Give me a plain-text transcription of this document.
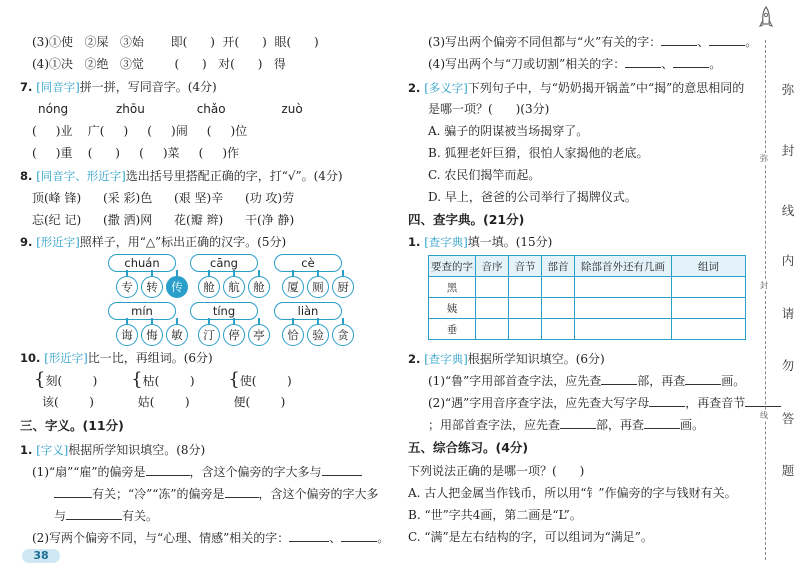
(3)①使 ②屎 ③始 即( ) 开( ) 眼( )
(4)①决 ②绝 ③觉	( ) 对( ) 得
7. [同音字]拼一拼，写同音字。(4分)
nóng	zhōu	chǎo	zuò
( )业 广( ) ( )闹 ( )位
( )重 ( ) ( )菜 ( )作
8. [同音字、形近字]选出括号里搭配正确的字，打“√”。(4分)
顶(峰 锋) (采 彩)色 (艰 坚)辛 (功 攻)劳
忘(纪 记) (撒 洒)网 花(瓣 辫) 干(净 静)
9. [形近字]照样子，用“△”标出正确的汉字。(5分)
chuán
专	转	传
cāng
舱	航	舱
cè
厦	厕	厨
mín
诲	悔	敏
tíng
汀	停	亭
liàn
恰	验	贪
10. [形近字]比一比，再组词。(6分)
{刻(	) {枯(	) {使(	)
该(	)	姑(	)	便(	)
三、字义。(11分)
1. [字义]根据所学知识填空。(8分)
(1)“扇”“雇”的偏旁是	，含这个偏旁的字大多与
有关；“冷”“冻”的偏旁是	，含这个偏旁的字大多
与	有关。
(2)写两个偏旁不同，与“心理、情感”相关的字：	、	。
38
(3)写出两个偏旁不同但都与“火”有关的字：	、	。
(4)写出两个与“刀或切割”相关的字：	、	。
2. [多义字]下列句子中，与“奶奶揭开锅盖”中“揭”的意思相同的
是哪一项？( )(3分)
A. 骗子的阴谋被当场揭穿了。
B. 狐狸老奸巨猾，很怕人家揭他的老底。
C. 农民们揭竿而起。
D. 早上，爸爸的公司举行了揭牌仪式。
四、查字典。(21分)
1. [查字典]填一填。(15分)
要查的字	音序	音节	部首	除部首外还有几画	组词
黑					
姨					
垂					
2. [查字典]根据所学知识填空。(6分)
(1)“鲁”字用部首查字法，应先查	部，再查	画。
(2)“遇”字用音序查字法，应先查大写字母	，再查音节
；用部首查字法，应先查	部，再查	画。
五、综合练习。(4分)
下列说法正确的是哪一项？( )
A. 古人把金属当作钱币，所以用“钅”作偏旁的字与钱财有关。
B. “世”字共4画，第二画是“L”。
C. “满”是左右结构的字，可以组词为“满足”。
弥
封
线
内
请
勿
答
题
弥
封
线
